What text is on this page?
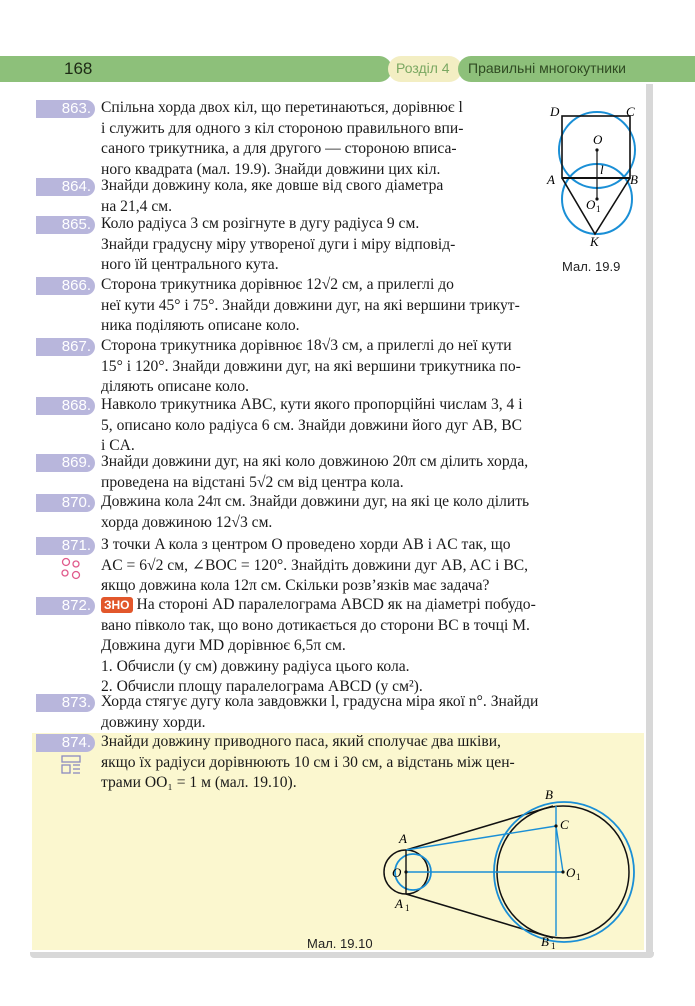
168	Розділ 4 Правильні многокутники
863. Спільна хорда двох кіл, що перетинаються, дорівнює l
і служить для одного з кіл стороною правильного впи-
саного трикутника, а для другого — стороною вписа-
ного квадрата (мал. 19.9). Знайди довжини цих кіл.
864. Знайди довжину кола, яке довше від свого діаметра
на 21,4 см.
865. Коло радіуса 3 см розігнуте в дугу радіуса 9 см.
Знайди градусну міру утвореної дуги і міру відповід-
ного їй центрального кута.
866. Сторона трикутника дорівнює 12√2 см, а прилеглі до
неї кути 45° і 75°. Знайди довжини дуг, на які вершини трикут-
ника поділяють описане коло.
867. Сторона трикутника дорівнює 18√3 см, а прилеглі до неї кути
15° і 120°. Знайди довжини дуг, на які вершини трикутника по-
діляють описане коло.
868. Навколо трикутника ABC, кути якого пропорційні числам 3, 4 і
5, описано коло радіуса 6 см. Знайди довжини його дуг AB, BC
і CA.
869. Знайди довжини дуг, на які коло довжиною 20π см ділить хорда,
проведена на відстані 5√2 см від центра кола.
870. Довжина кола 24π см. Знайди довжини дуг, на які це коло ділить
хорда довжиною 12√3 см.
871. З точки A кола з центром O проведено хорди AB і AC так, що
AC = 6√2 см, ∠BOC = 120°. Знайдіть довжини дуг AB, AC і BC,
якщо довжина кола 12π см. Скільки розв’язків має задача?
872.	ЗНО На стороні AD паралелограма ABCD як на діаметрі побудо-
вано півколо так, що воно дотикається до сторони BC в точці M.
Довжина дуги MD дорівнює 6,5π см.
1. Обчисли (у см) довжину радіуса цього кола.
2. Обчисли площу паралелограма ABCD (у см²).
873. Хорда стягує дугу кола завдовжки l, градусна міра якої n°. Знайди
довжину хорди.
874. Знайди довжину приводного паса, який сполучає два шківи,
якщо їх радіуси дорівнюють 10 см і 30 см, а відстань між цен-
трами OO₁ = 1 м (мал. 19.10).
D	C
O
l
A	B
O 1
K
Мал. 19.9
A
O
A 1
B
C
O 1
B 1
Мал. 19.10
